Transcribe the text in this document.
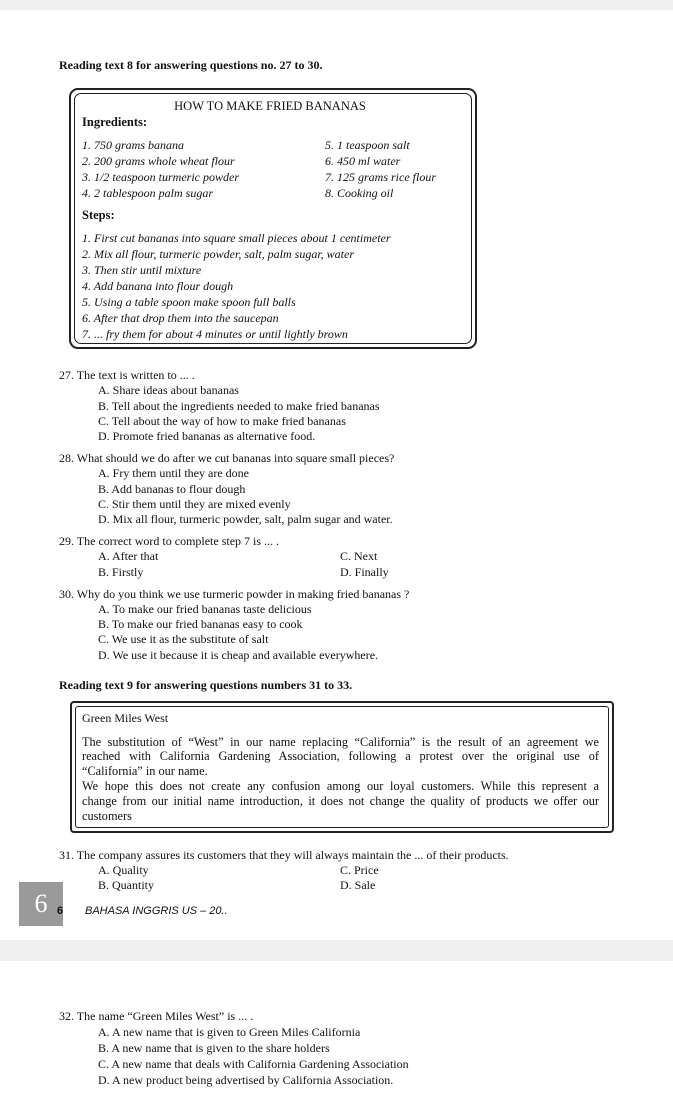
Reading text 8 for answering questions no. 27 to 30.
HOW TO MAKE FRIED BANANAS
Ingredients:
1. 750 grams banana
2. 200 grams whole wheat flour
3. 1/2 teaspoon turmeric powder
4. 2 tablespoon palm sugar
5. 1 teaspoon salt
6. 450 ml water
7. 125 grams rice flour
8. Cooking oil
Steps:
1. First cut bananas into square small pieces about 1 centimeter
2. Mix all flour, turmeric powder, salt, palm sugar, water
3. Then stir until mixture
4. Add banana into flour dough
5. Using a table spoon make spoon full balls
6. After that drop them into the saucepan
7. ... fry them for about 4 minutes or until lightly brown
27. The text is written to ... .
A. Share ideas about bananas
B. Tell about the ingredients needed to make fried bananas
C. Tell about the way of how to make fried bananas
D. Promote fried bananas as alternative food.
28. What should we do after we cut bananas into square small pieces?
A. Fry them until they are done
B. Add bananas to flour dough
C. Stir them until they are mixed evenly
D. Mix all flour, turmeric powder, salt, palm sugar and water.
29. The correct word to complete step 7 is ... .
A. After that
B. Firstly
C. Next
D. Finally
30. Why do you think we use turmeric powder in making fried bananas ?
A. To make our fried bananas taste delicious
B. To make our fried bananas easy to cook
C. We use it as the substitute of salt
D. We use it because it is cheap and available everywhere.
Reading text 9 for answering questions numbers 31 to 33.
Green Miles West
The substitution of “West” in our name replacing “California” is the result of an agreement we
reached with California Gardening Association, following a protest over the original use of
“California” in our name.
We hope this does not create any confusion among our loyal customers. While this represent a
change from our initial name introduction, it does not change the quality of products we offer our
customers
31. The company assures its customers that they will always maintain the ... of their products.
A. Quality
B. Quantity
C. Price
D. Sale
6 6 BAHASA INGGRIS US – 20..
32. The name “Green Miles West” is ... .
A. A new name that is given to Green Miles California
B. A new name that is given to the share holders
C. A new name that deals with California Gardening Association
D. A new product being advertised by California Association.
